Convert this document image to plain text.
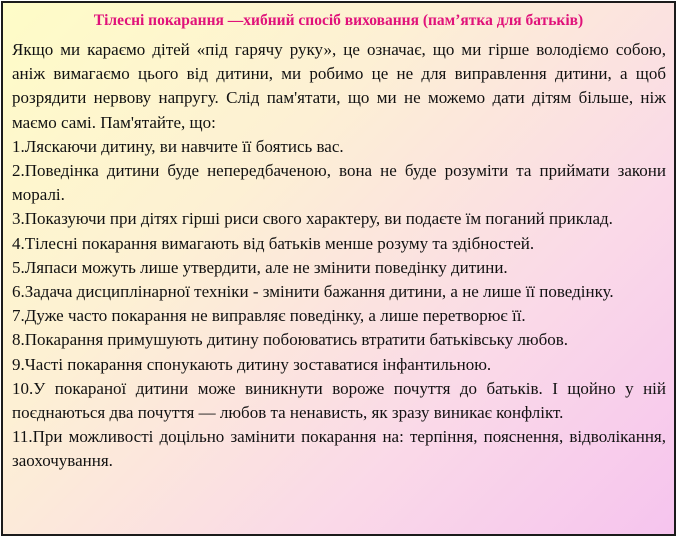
Тілесні покарання —хибний спосіб виховання (пам’ятка для батьків)

Якщо ми караємо дітей «під гарячу руку», це означає, що ми гірше володіємо собою, аніж вимагаємо цього від дитини, ми робимо це не для виправлення дитини, а щоб розрядити нервову напругу. Слід пам'ятати, що ми не можемо дати дітям більше, ніж маємо самі. Пам'ятайте, що:

1.Ляскаючи дитину, ви навчите її боятись вас.

2.Поведінка дитини буде непередбаченою, вона не буде розуміти та приймати закони моралі.

3.Показуючи при дітях гірші риси свого характеру, ви подаєте їм поганий приклад.

4.Тілесні покарання вимагають від батьків менше розуму та здібностей.

5.Ляпаси можуть лише утвердити, але не змінити поведінку дитини.

6.Задача дисциплінарної техніки - змінити бажання дитини, а не лише її поведінку.

7.Дуже часто покарання не виправляє поведінку, а лише перетворює її.

8.Покарання примушують дитину побоюватись втратити батьківську любов.

9.Часті покарання спонукають дитину зоставатися інфантильною.

10.У покараної дитини може виникнути вороже почуття до батьків. І щойно у ній поєднаються два почуття — любов та ненависть, як зразу виникає конфлікт.

11.При можливості доцільно замінити покарання на: терпіння, пояснення, відволікання, заохочування.
